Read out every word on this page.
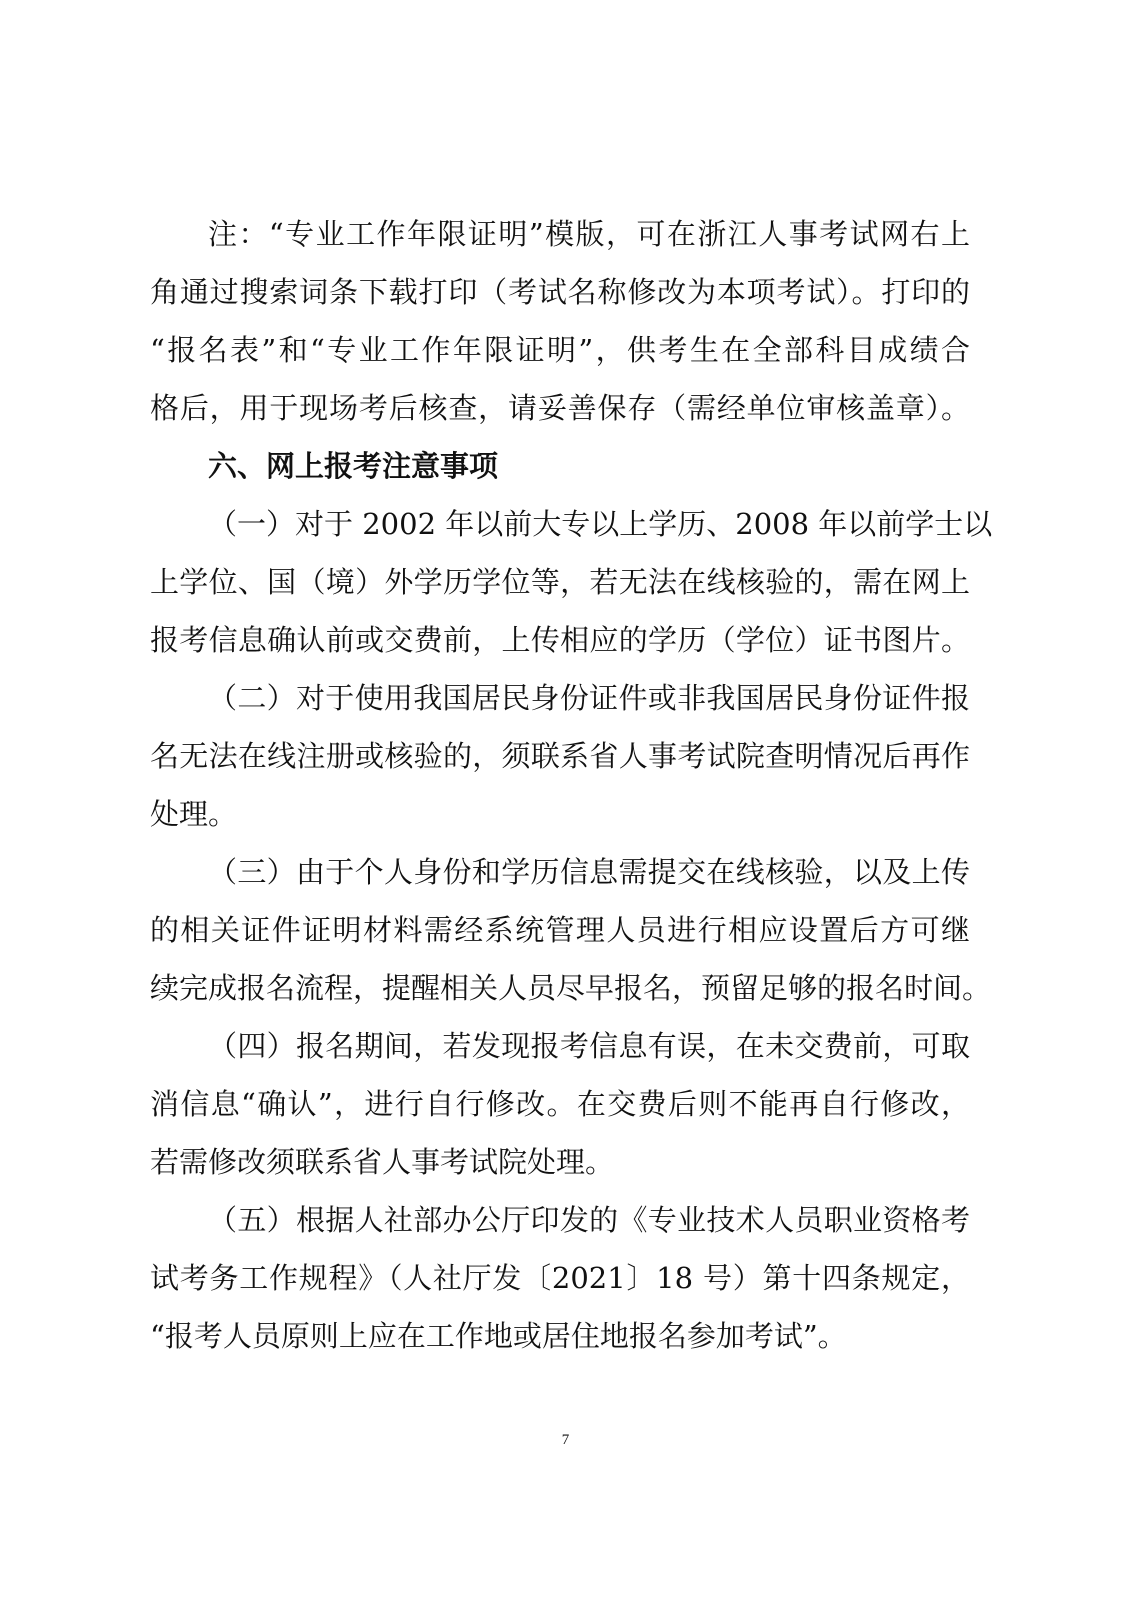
注：“专业工作年限证明”模版，可在浙江人事考试网右上
角通过搜索词条下载打印（考试名称修改为本项考试）。打印的
“报名表”和“专业工作年限证明”，供考生在全部科目成绩合
格后，用于现场考后核查，请妥善保存（需经单位审核盖章）。
六、网上报考注意事项
（一）对于 2002 年以前大专以上学历、2008 年以前学士以
上学位、国（境）外学历学位等，若无法在线核验的，需在网上
报考信息确认前或交费前，上传相应的学历（学位）证书图片。
（二）对于使用我国居民身份证件或非我国居民身份证件报
名无法在线注册或核验的，须联系省人事考试院查明情况后再作
处理。
（三）由于个人身份和学历信息需提交在线核验，以及上传
的相关证件证明材料需经系统管理人员进行相应设置后方可继
续完成报名流程，提醒相关人员尽早报名，预留足够的报名时间。
（四）报名期间，若发现报考信息有误，在未交费前，可取
消信息“确认”，进行自行修改。在交费后则不能再自行修改，
若需修改须联系省人事考试院处理。
（五）根据人社部办公厅印发的《专业技术人员职业资格考
试考务工作规程》（人社厅发〔2021〕18 号）第十四条规定，
“报考人员原则上应在工作地或居住地报名参加考试”。
7
